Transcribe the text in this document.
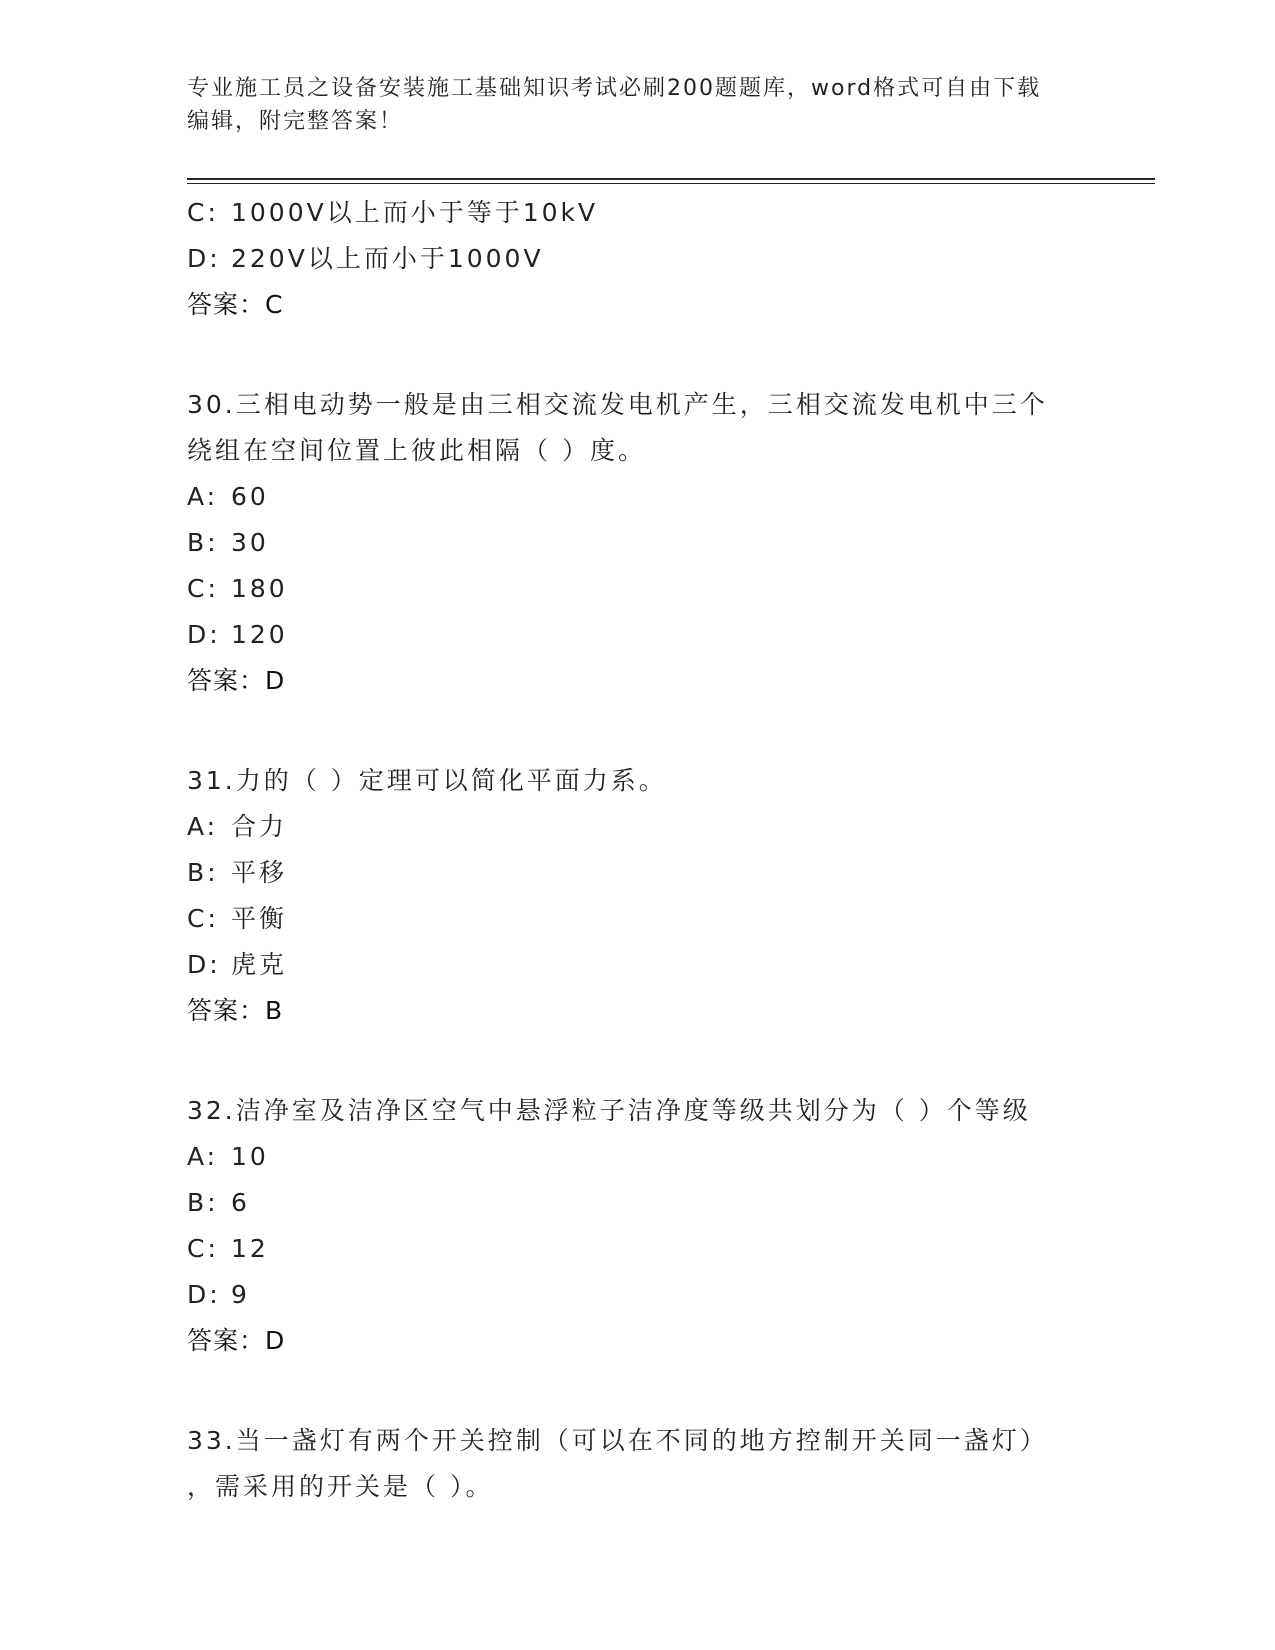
专业施工员之设备安装施工基础知识考试必刷200题题库，word格式可自由下载
编辑，附完整答案！
C: 1000V以上而小于等于10kV
D: 220V以上而小于1000V
答案：C
30.三相电动势一般是由三相交流发电机产生，三相交流发电机中三个
绕组在空间位置上彼此相隔（ ）度。
A: 60
B: 30
C: 180
D: 120
答案：D
31.力的（ ）定理可以简化平面力系。
A: 合力
B: 平移
C: 平衡
D: 虎克
答案：B
32.洁净室及洁净区空气中悬浮粒子洁净度等级共划分为（ ）个等级
A: 10
B: 6
C: 12
D: 9
答案：D
33.当一盏灯有两个开关控制（可以在不同的地方控制开关同一盏灯）
，需采用的开关是（ ）。
